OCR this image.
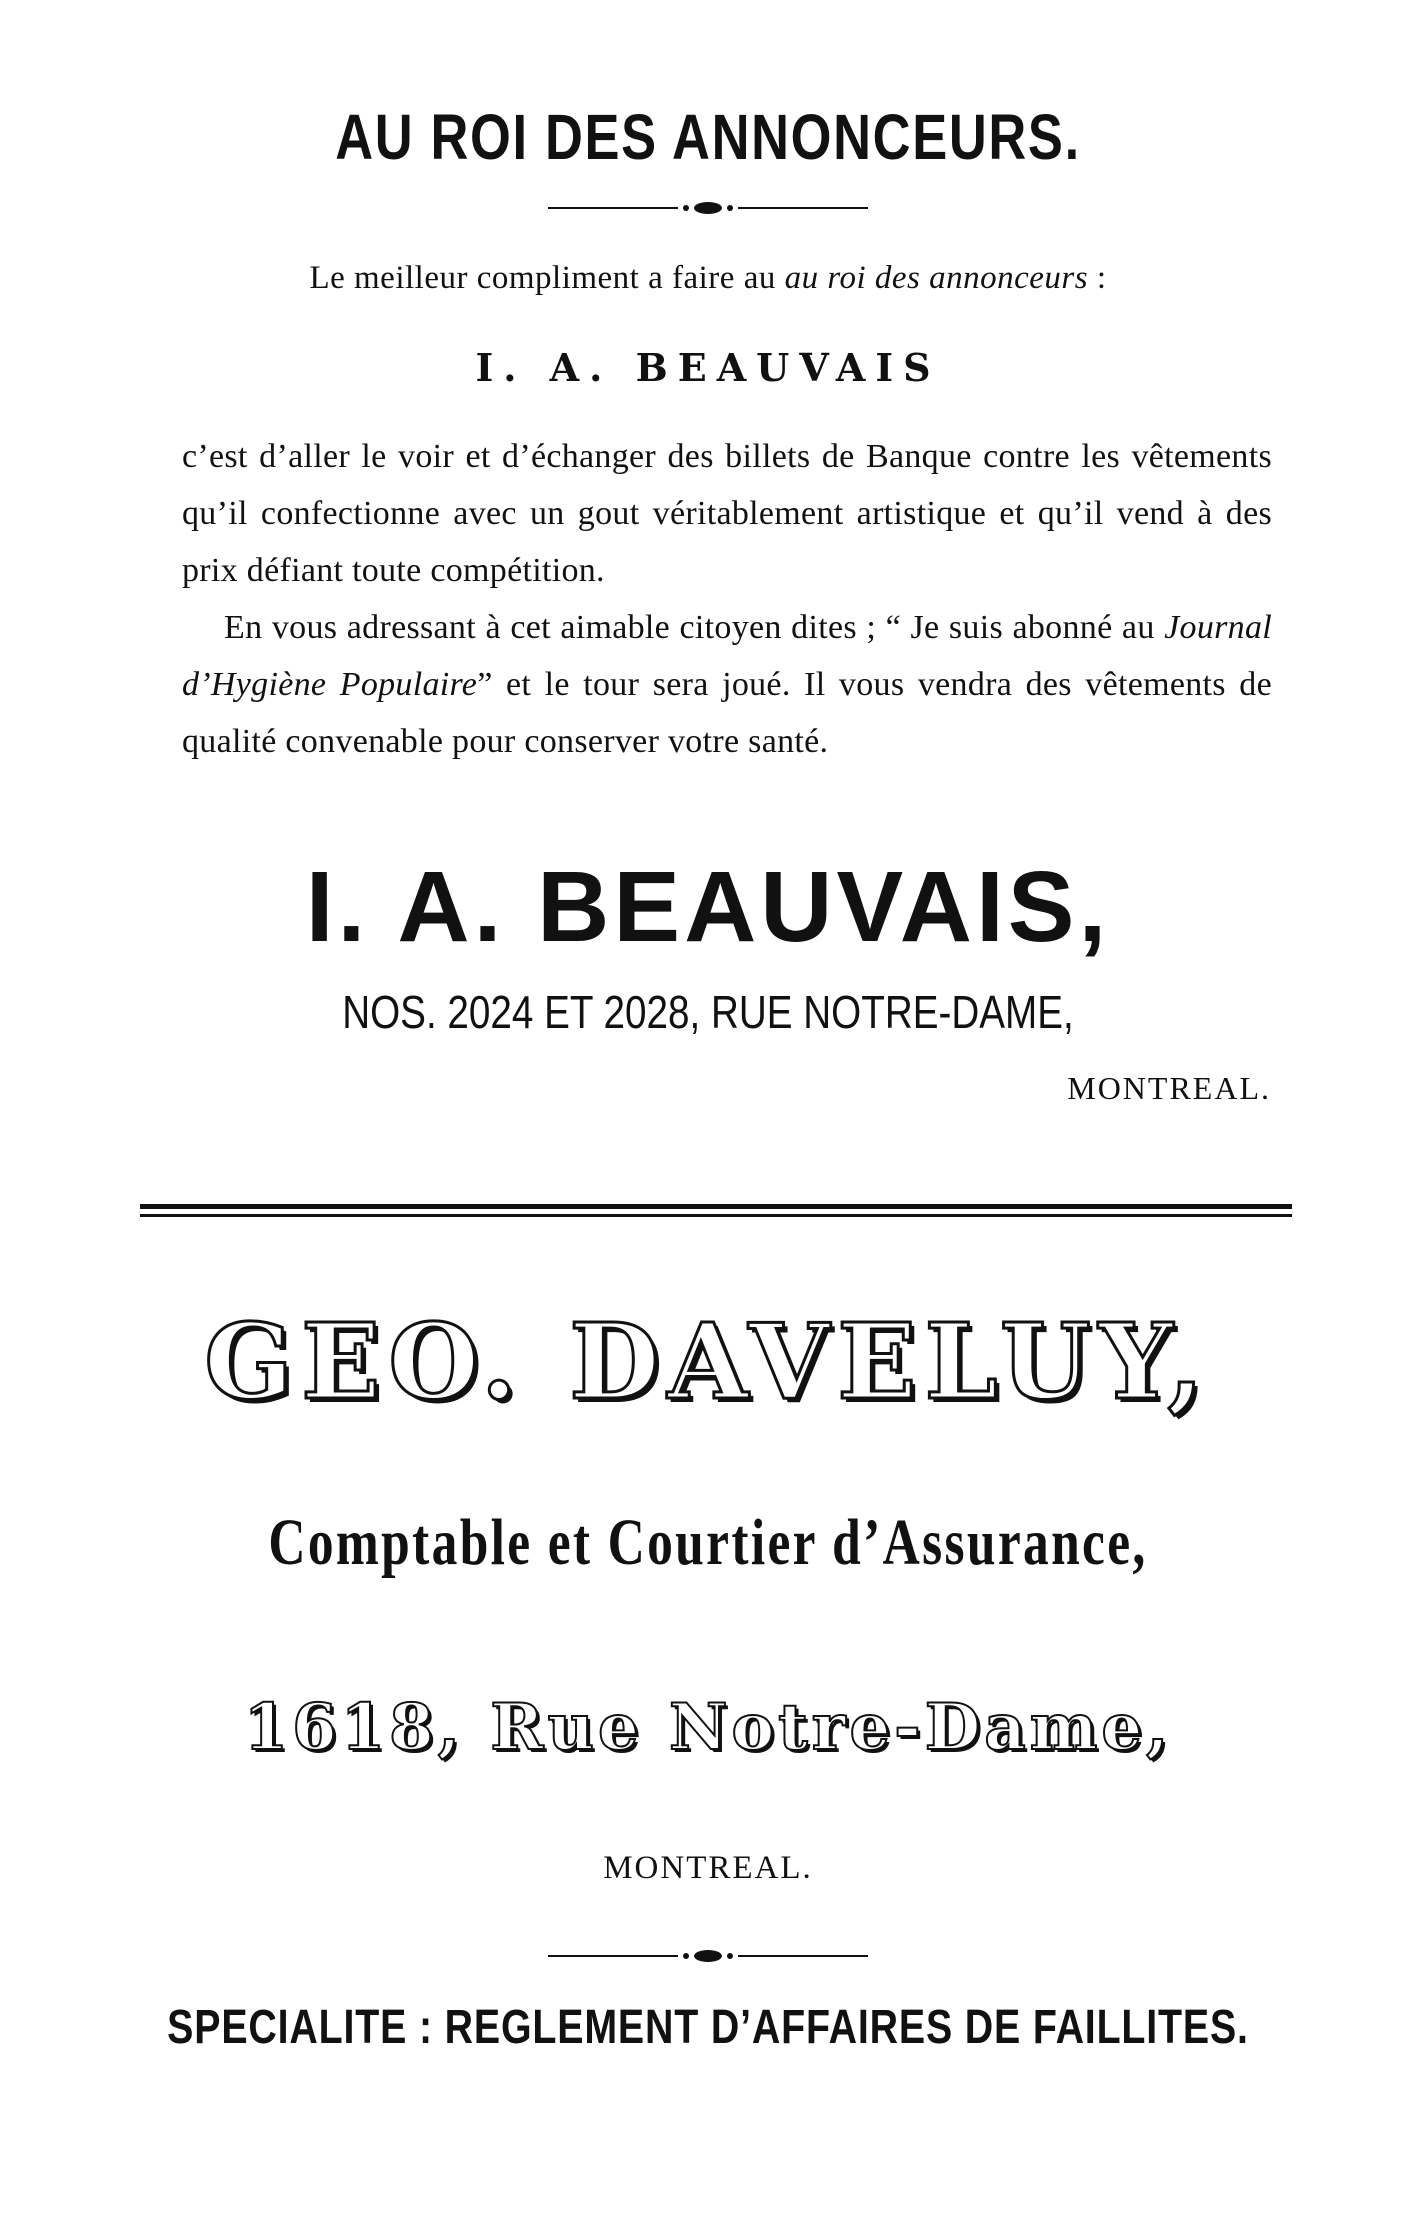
AU ROI DES ANNONCEURS.
Le meilleur compliment a faire au au roi des annonceurs :
I. A. BEAUVAIS

c’est d’aller le voir et d’échanger des billets de Banque contre les vêtements qu’il confectionne avec un gout véritablement artistique et qu’il vend à des prix défiant toute compétition.

En vous adressant à cet aimable citoyen dites ; “ Je suis abonné au Journal d’Hygiène Populaire” et le tour sera joué. Il vous vendra des vêtements de qualité convenable pour conserver votre santé.

I. A. BEAUVAIS,
NOS. 2024 ET 2028, RUE NOTRE-DAME,
MONTREAL.
GEO. DAVELUY,
Comptable et Courtier d’Assurance,
1618, Rue Notre-Dame,
MONTREAL.
SPECIALITE : REGLEMENT D’AFFAIRES DE FAILLITES.
